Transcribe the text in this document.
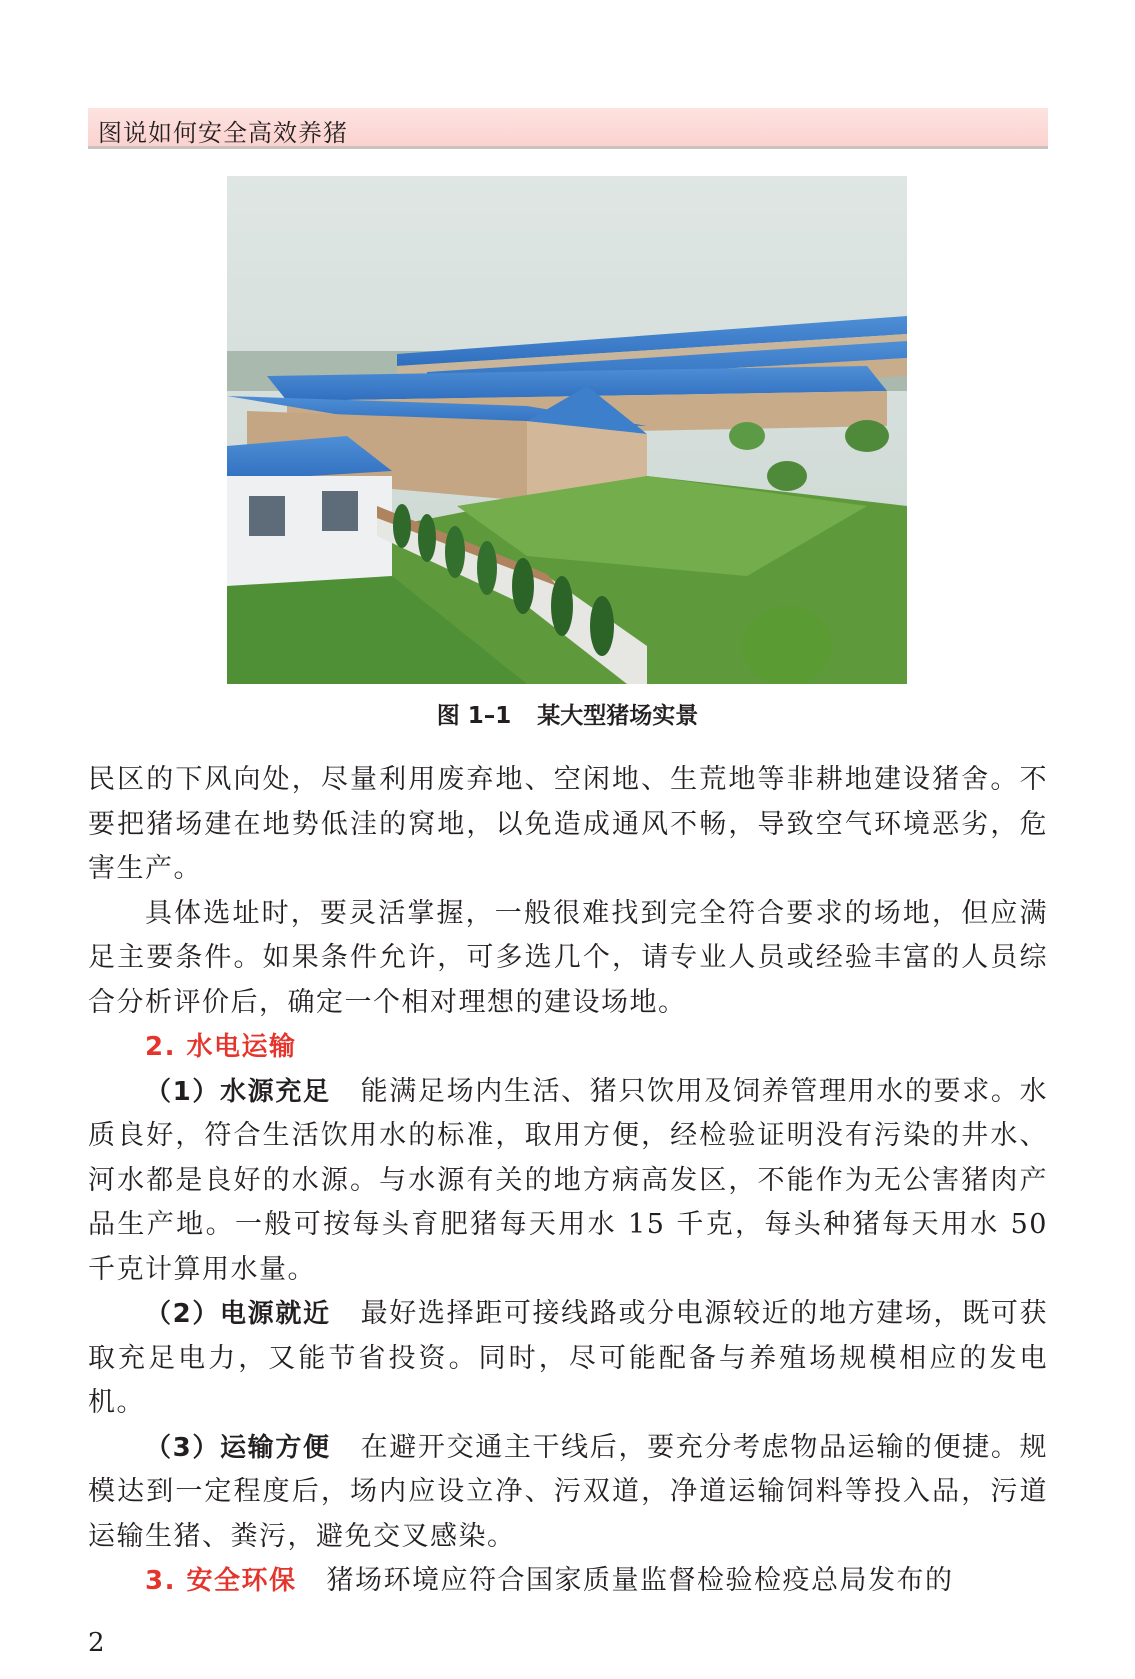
图说如何安全高效养猪
图 1–1 某大型猪场实景

民区的下风向处，尽量利用废弃地、空闲地、生荒地等非耕地建设猪舍。不要把猪场建在地势低洼的窝地，以免造成通风不畅，导致空气环境恶劣，危害生产。

具体选址时，要灵活掌握，一般很难找到完全符合要求的场地，但应满足主要条件。如果条件允许，可多选几个，请专业人员或经验丰富的人员综合分析评价后，确定一个相对理想的建设场地。

2. 水电运输

（1）水源充足 能满足场内生活、猪只饮用及饲养管理用水的要求。水质良好，符合生活饮用水的标准，取用方便，经检验证明没有污染的井水、河水都是良好的水源。与水源有关的地方病高发区，不能作为无公害猪肉产品生产地。一般可按每头育肥猪每天用水 15 千克，每头种猪每天用水 50 千克计算用水量。

（2）电源就近 最好选择距可接线路或分电源较近的地方建场，既可获取充足电力，又能节省投资。同时，尽可能配备与养殖场规模相应的发电机。

（3）运输方便 在避开交通主干线后，要充分考虑物品运输的便捷。规模达到一定程度后，场内应设立净、污双道，净道运输饲料等投入品，污道运输生猪、粪污，避免交叉感染。

3. 安全环保 猪场环境应符合国家质量监督检验检疫总局发布的

2
